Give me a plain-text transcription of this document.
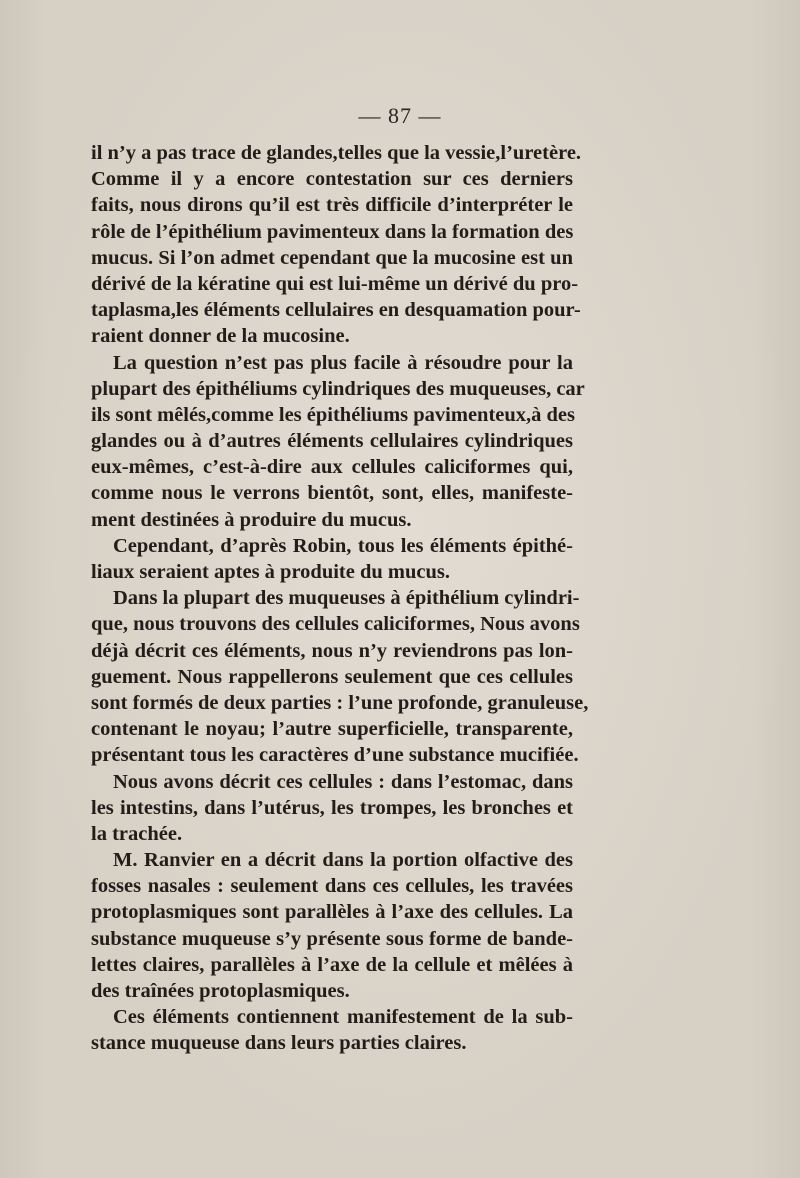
— 87 —
il n’y a pas trace de glandes,telles que la vessie,l’uretère.
Comme il y a encore contestation sur ces derniers
faits, nous dirons qu’il est très difficile d’interpréter le
rôle de l’épithélium pavimenteux dans la formation des
mucus. Si l’on admet cependant que la mucosine est un
dérivé de la kératine qui est lui-même un dérivé du pro-
taplasma,les éléments cellulaires en desquamation pour-
raient donner de la mucosine.
La question n’est pas plus facile à résoudre pour la
plupart des épithéliums cylindriques des muqueuses, car
ils sont mêlés,comme les épithéliums pavimenteux,à des
glandes ou à d’autres éléments cellulaires cylindriques
eux-mêmes, c’est-à-dire aux cellules caliciformes qui,
comme nous le verrons bientôt, sont, elles, manifeste-
ment destinées à produire du mucus.
Cependant, d’après Robin, tous les éléments épithé-
liaux seraient aptes à produite du mucus.
Dans la plupart des muqueuses à épithélium cylindri-
que, nous trouvons des cellules caliciformes, Nous avons
déjà décrit ces éléments, nous n’y reviendrons pas lon-
guement. Nous rappellerons seulement que ces cellules
sont formés de deux parties : l’une profonde, granuleuse,
contenant le noyau; l’autre superficielle, transparente,
présentant tous les caractères d’une substance mucifiée.
Nous avons décrit ces cellules : dans l’estomac, dans
les intestins, dans l’utérus, les trompes, les bronches et
la trachée.
M. Ranvier en a décrit dans la portion olfactive des
fosses nasales : seulement dans ces cellules, les travées
protoplasmiques sont parallèles à l’axe des cellules. La
substance muqueuse s’y présente sous forme de bande-
lettes claires, parallèles à l’axe de la cellule et mêlées à
des traînées protoplasmiques.
Ces éléments contiennent manifestement de la sub-
stance muqueuse dans leurs parties claires.
